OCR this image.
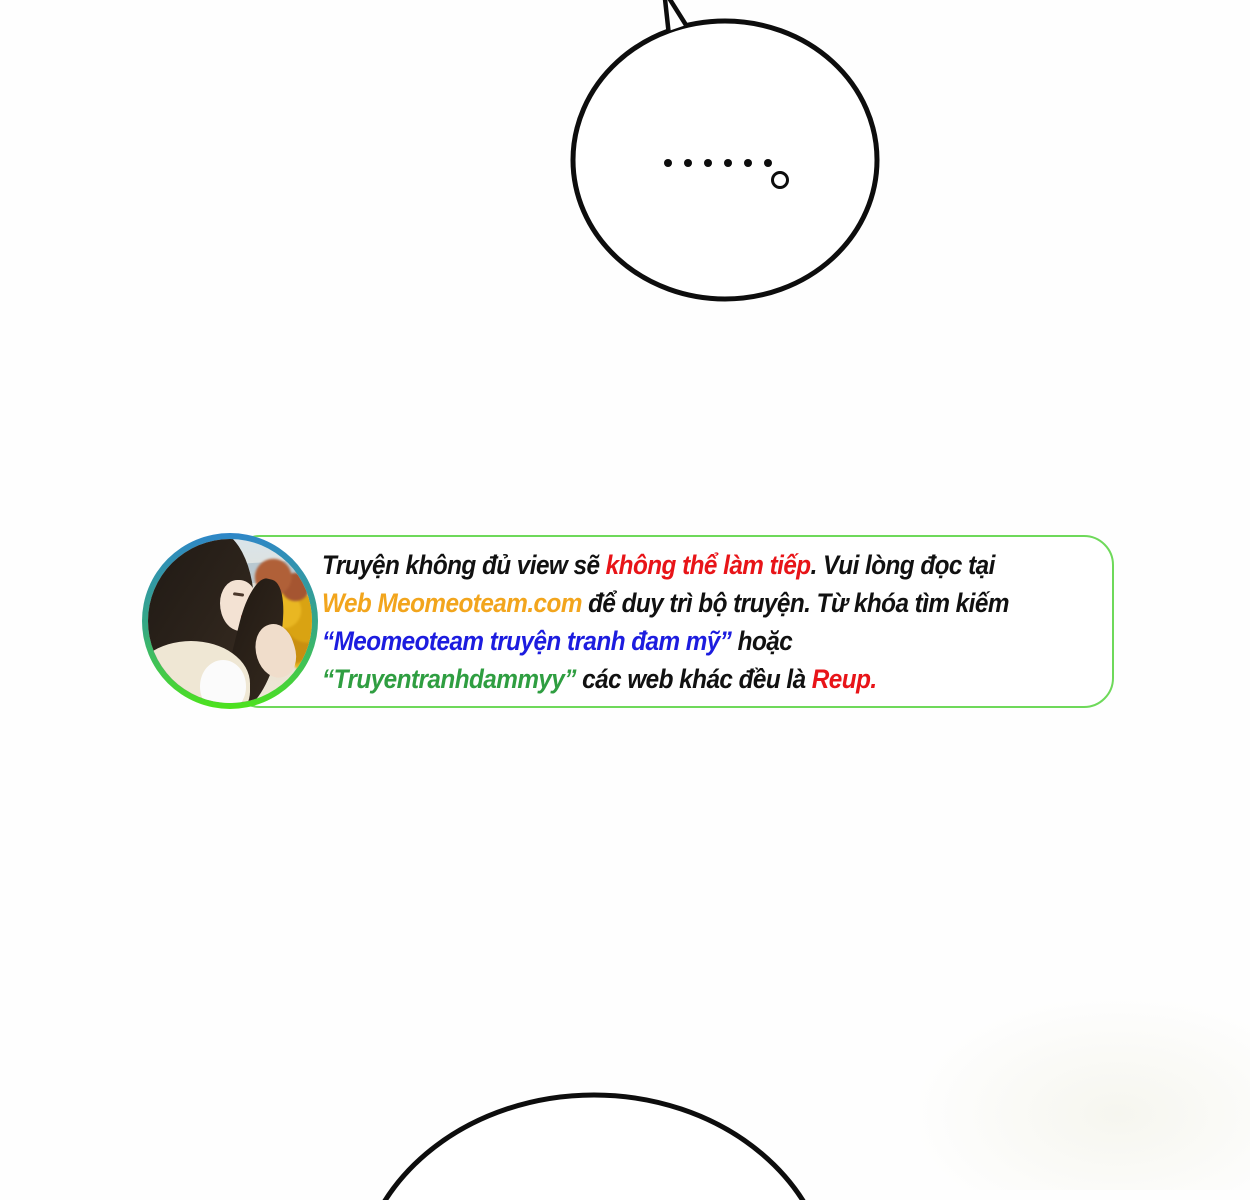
Truyện không đủ view sẽ không thể làm tiếp. Vui lòng đọc tại
Web Meomeoteam.com để duy trì bộ truyện. Từ khóa tìm kiếm
“Meomeoteam truyện tranh đam mỹ” hoặc
“Truyentranhdammyy” các web khác đều là Reup.
